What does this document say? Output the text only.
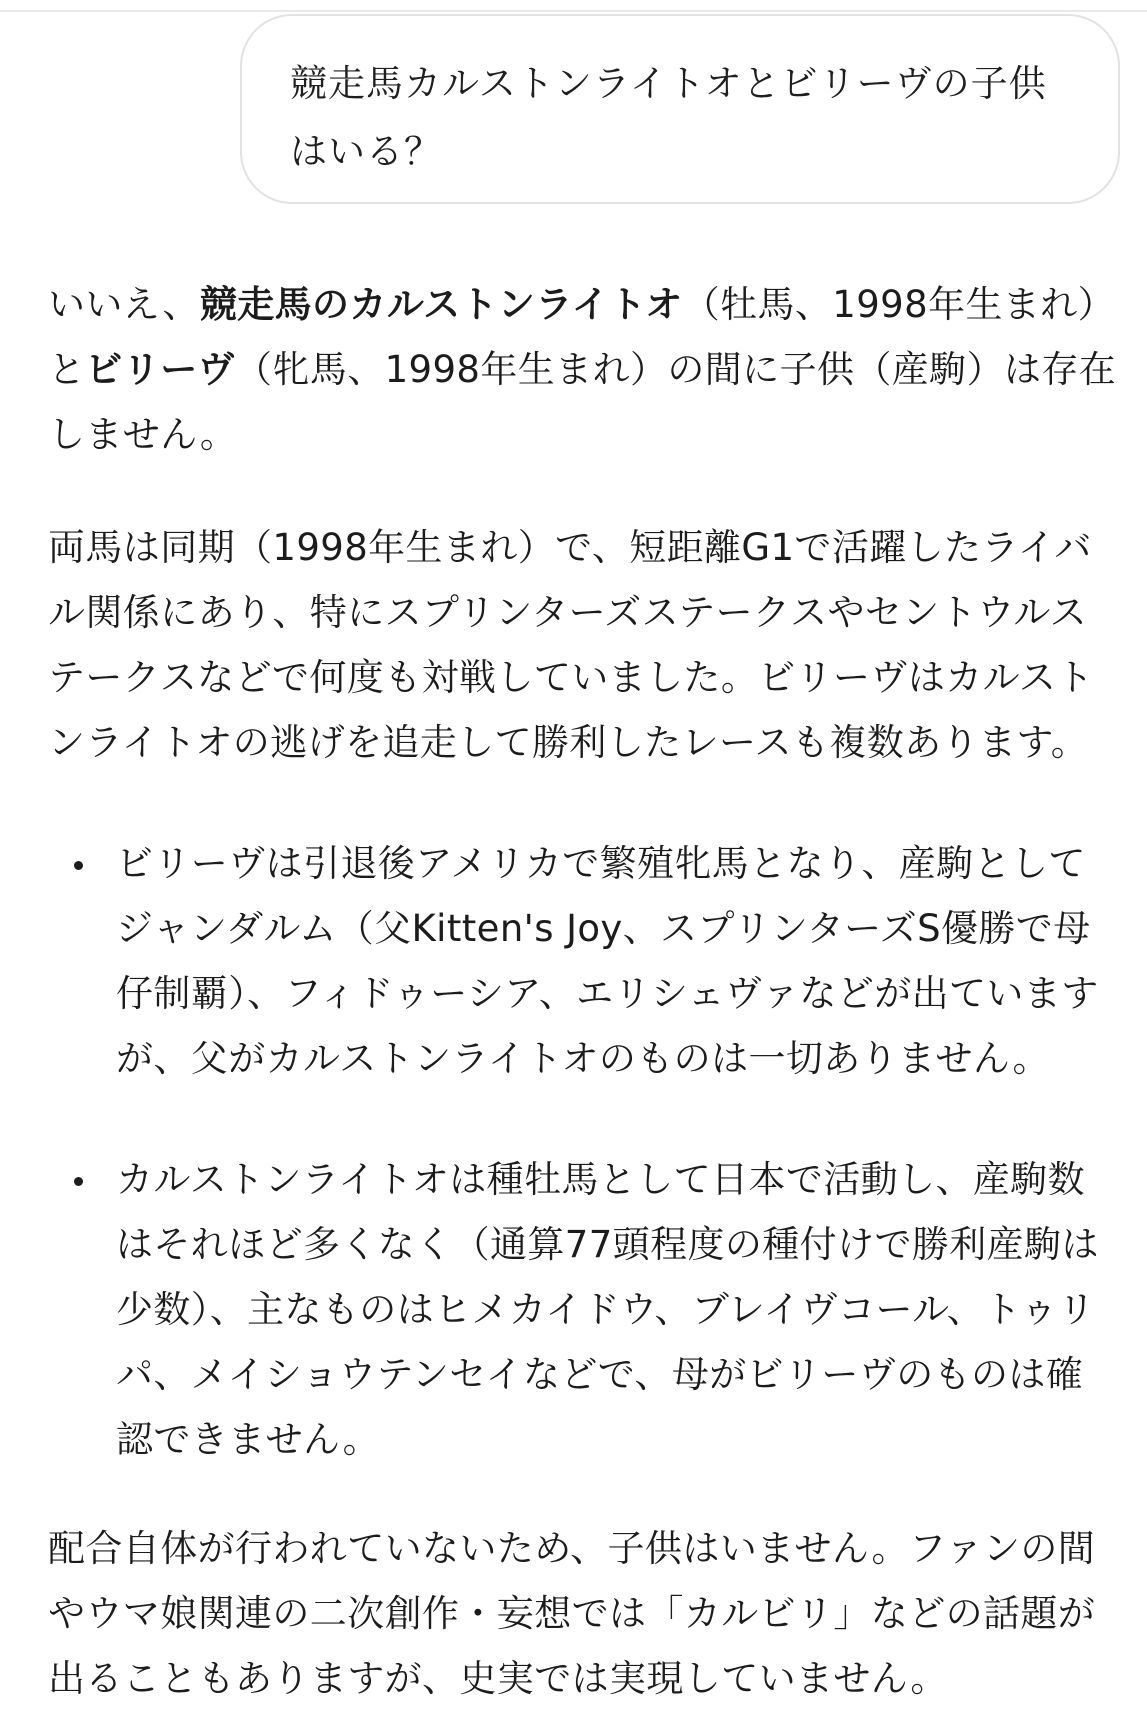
競走馬カルストンライトオとビリーヴの子供はいる？

いいえ、競走馬のカルストンライトオ（牡馬、1998年生まれ）とビリーヴ（牝馬、1998年生まれ）の間に子供（産駒）は存在しません。

両馬は同期（1998年生まれ）で、短距離G1で活躍したライバル関係にあり、特にスプリンターズステークスやセントウルステークスなどで何度も対戦していました。ビリーヴはカルストンライトオの逃げを追走して勝利したレースも複数あります。

ビリーヴは引退後アメリカで繁殖牝馬となり、産駒としてジャンダルム（父Kitten's Joy、スプリンターズS優勝で母仔制覇）、フィドゥーシア、エリシェヴァなどが出ていますが、父がカルストンライトオのものは一切ありません。
カルストンライトオは種牡馬として日本で活動し、産駒数はそれほど多くなく（通算77頭程度の種付けで勝利産駒は少数）、主なものはヒメカイドウ、ブレイヴコール、トゥリパ、メイショウテンセイなどで、母がビリーヴのものは確認できません。

配合自体が行われていないため、子供はいません。ファンの間やウマ娘関連の二次創作・妄想では「カルビリ」などの話題が出ることもありますが、史実では実現していません。
